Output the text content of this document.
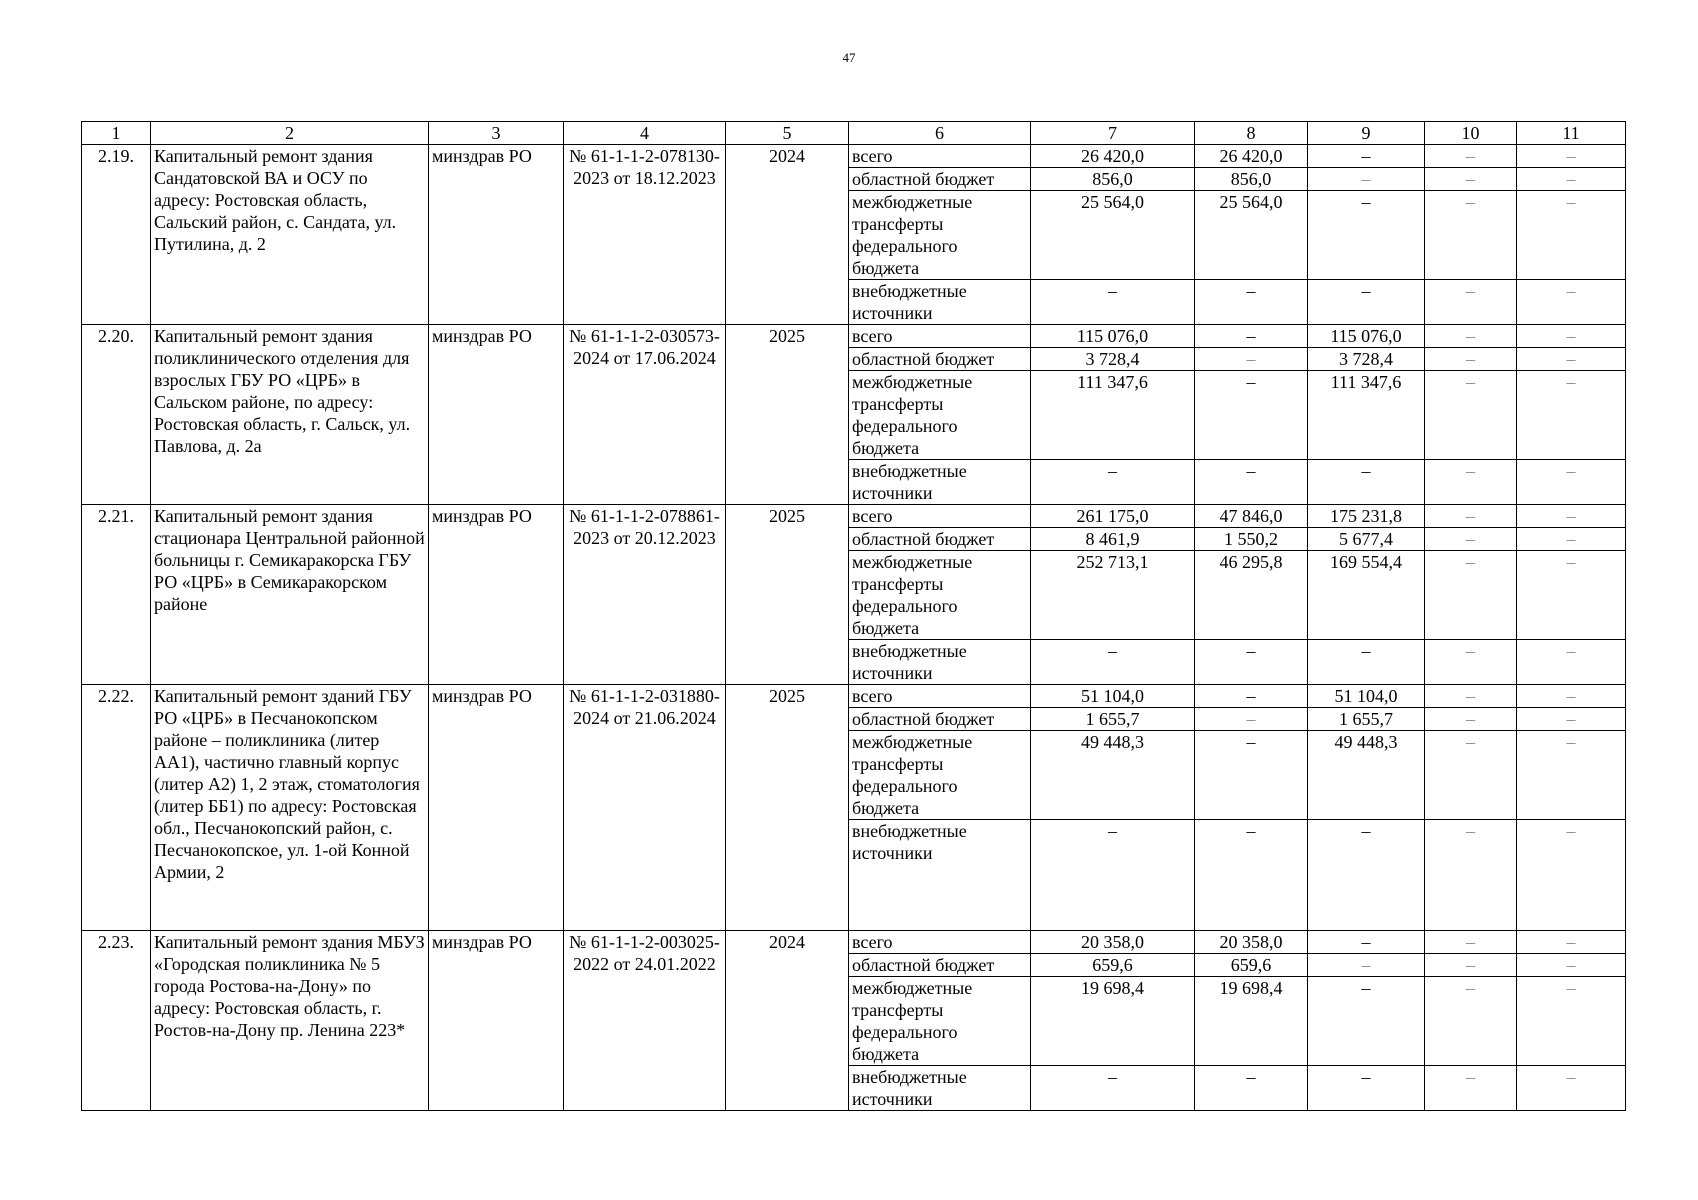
47
1	2	3	4	5	6	7	8	9	10	11
2.19.	Капитальный ремонт здания Сандатовской ВА и ОСУ по адресу: Ростовская область, Сальский район, с. Сандата, ул. Путилина, д. 2	минздрав РО	№ 61-1-1-2-078130-2023 от 18.12.2023	2024	всего	26 420,0	26 420,0	–	–	–
					областной бюджет	856,0	856,0	–	–	–
					межбюджетные трансферты федерального бюджета	25 564,0	25 564,0	–	–	–
					внебюджетные источники	–	–	–	–	–
2.20.	Капитальный ремонт здания поликлинического отделения для взрослых ГБУ РО «ЦРБ» в Сальском районе, по адресу: Ростовская область, г. Сальск, ул. Павлова, д. 2а	минздрав РО	№ 61-1-1-2-030573-2024 от 17.06.2024	2025	всего	115 076,0	–	115 076,0	–	–
					областной бюджет	3 728,4	–	3 728,4	–	–
					межбюджетные трансферты федерального бюджета	111 347,6	–	111 347,6	–	–
					внебюджетные источники	–	–	–	–	–
2.21.	Капитальный ремонт здания стационара Центральной районной больницы г. Семикаракорска ГБУ РО «ЦРБ» в Семикаракорском районе	минздрав РО	№ 61-1-1-2-078861-2023 от 20.12.2023	2025	всего	261 175,0	47 846,0	175 231,8	–	–
					областной бюджет	8 461,9	1 550,2	5 677,4	–	–
					межбюджетные трансферты федерального бюджета	252 713,1	46 295,8	169 554,4	–	–
					внебюджетные источники	–	–	–	–	–
2.22.	Капитальный ремонт зданий ГБУ РО «ЦРБ» в Песчанокопском районе – поликлиника (литер АА1), частично главный корпус (литер А2) 1, 2 этаж, стоматология (литер ББ1) по адресу: Ростовская обл., Песчанокопский район, с. Песчанокопское, ул. 1-ой Конной Армии, 2	минздрав РО	№ 61-1-1-2-031880-2024 от 21.06.2024	2025	всего	51 104,0	–	51 104,0	–	–
					областной бюджет	1 655,7	–	1 655,7	–	–
					межбюджетные трансферты федерального бюджета	49 448,3	–	49 448,3	–	–
					внебюджетные источники	–	–	–	–	–
2.23.	Капитальный ремонт здания МБУЗ «Городская поликлиника № 5 города Ростова-на-Дону» по адресу: Ростовская область, г. Ростов-на-Дону пр. Ленина 223*	минздрав РО	№ 61-1-1-2-003025-2022 от 24.01.2022	2024	всего	20 358,0	20 358,0	–	–	–
					областной бюджет	659,6	659,6	–	–	–
					межбюджетные трансферты федерального бюджета	19 698,4	19 698,4	–	–	–
					внебюджетные источники	–	–	–	–	–
